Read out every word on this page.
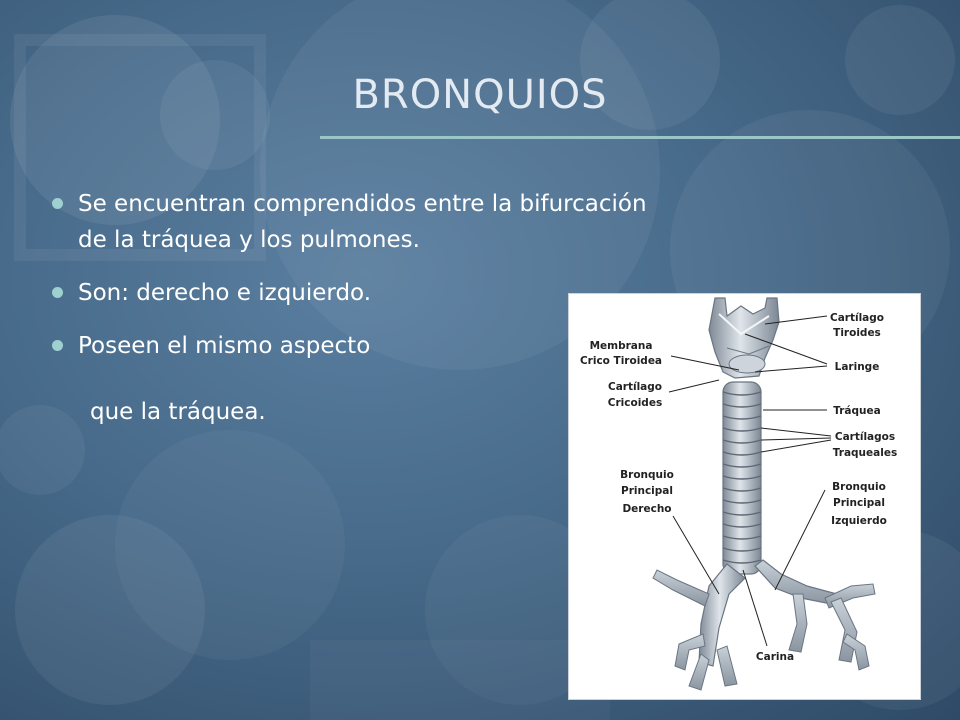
BRONQUIOS
Se encuentran comprendidos entre la bifurcación de la tráquea y los pulmones.
Son: derecho e izquierdo.
Poseen el mismo aspecto
que la tráquea.
Cartílago
Tiroides
Membrana
Crico Tiroidea	Laringe
Cartílago
Cricoides
Tráquea
Cartílagos
Traqueales
Bronquio
Principal
Derecho
Bronquio
Principal
Izquierdo
Carina
